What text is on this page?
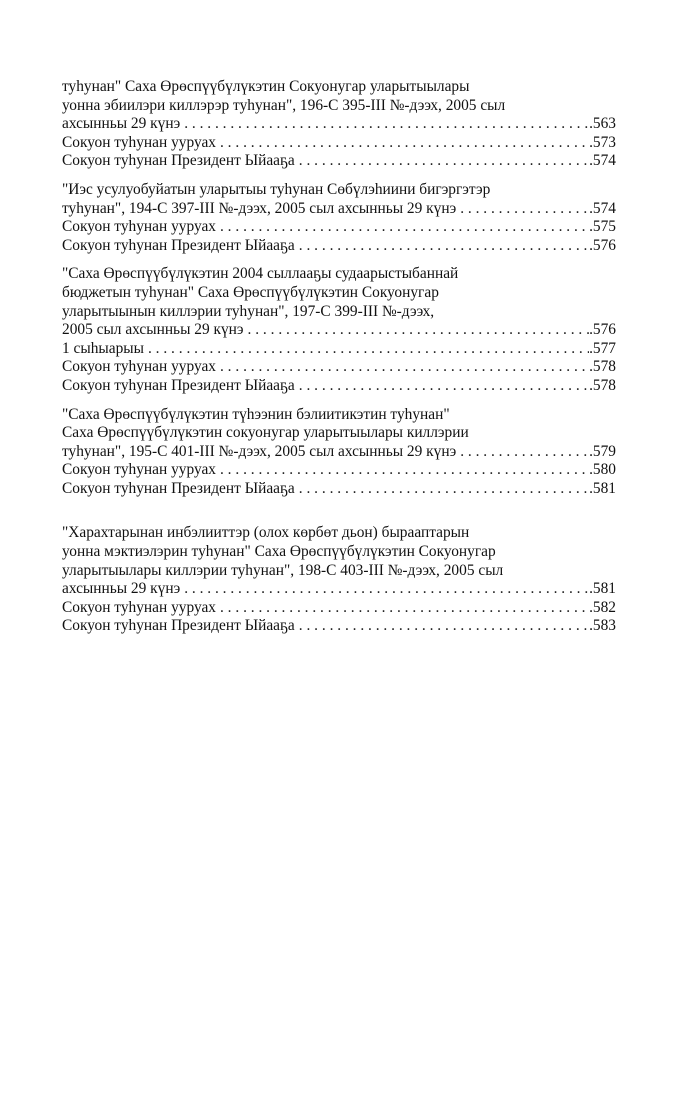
туһунан" Саха Өрөспүүбүлүкэтин Сокуонугар уларытыылары
уонна эбиилэри киллэрэр туһунан", 196-С 395-III №-дээх, 2005 сыл
ахсынньы 29 күнэ . . .	.563
Сокуон туһунан ууруах . . .	.573
Сокуон туһунан Президент Ыйааҕа . . .	.574
"Иэс усулуобуйатын уларытыы туһунан Сөбүлэһиини бигэргэтэр
туһунан", 194-С 397-III №-дээх, 2005 сыл ахсынньы 29 күнэ . . .	.574
Сокуон туһунан ууруах . . .	.575
Сокуон туһунан Президент Ыйааҕа . . .	.576
"Саха Өрөспүүбүлүкэтин 2004 сыллааҕы судаарыстыбаннай
бюджетын туһунан" Саха Өрөспүүбүлүкэтин Сокуонугар
уларытыынын киллэрии туһунан", 197-С 399-III №-дээх,
2005 сыл ахсынньы 29 күнэ . . .	.576
1 сыһыарыы . . .	.577
Сокуон туһунан ууруах . . .	.578
Сокуон туһунан Президент Ыйааҕа . . .	.578
"Саха Өрөспүүбүлүкэтин түһээнин бэлиитикэтин туһунан"
Саха Өрөспүүбүлүкэтин сокуонугар уларытыылары киллэрии
туһунан", 195-С 401-III №-дээх, 2005 сыл ахсынньы 29 күнэ . . .	.579
Сокуон туһунан ууруах . . .	.580
Сокуон туһунан Президент Ыйааҕа . . .	.581
"Харахтарынан инбэлииттэр (олох көрбөт дьон) бырааптарын
уонна мэктиэлэрин туһунан" Саха Өрөспүүбүлүкэтин Сокуонугар
уларытыылары киллэрии туһунан", 198-С 403-III №-дээх, 2005 сыл
ахсынньы 29 күнэ . . .	.581
Сокуон туһунан ууруах . . .	.582
Сокуон туһунан Президент Ыйааҕа . . .	.583
